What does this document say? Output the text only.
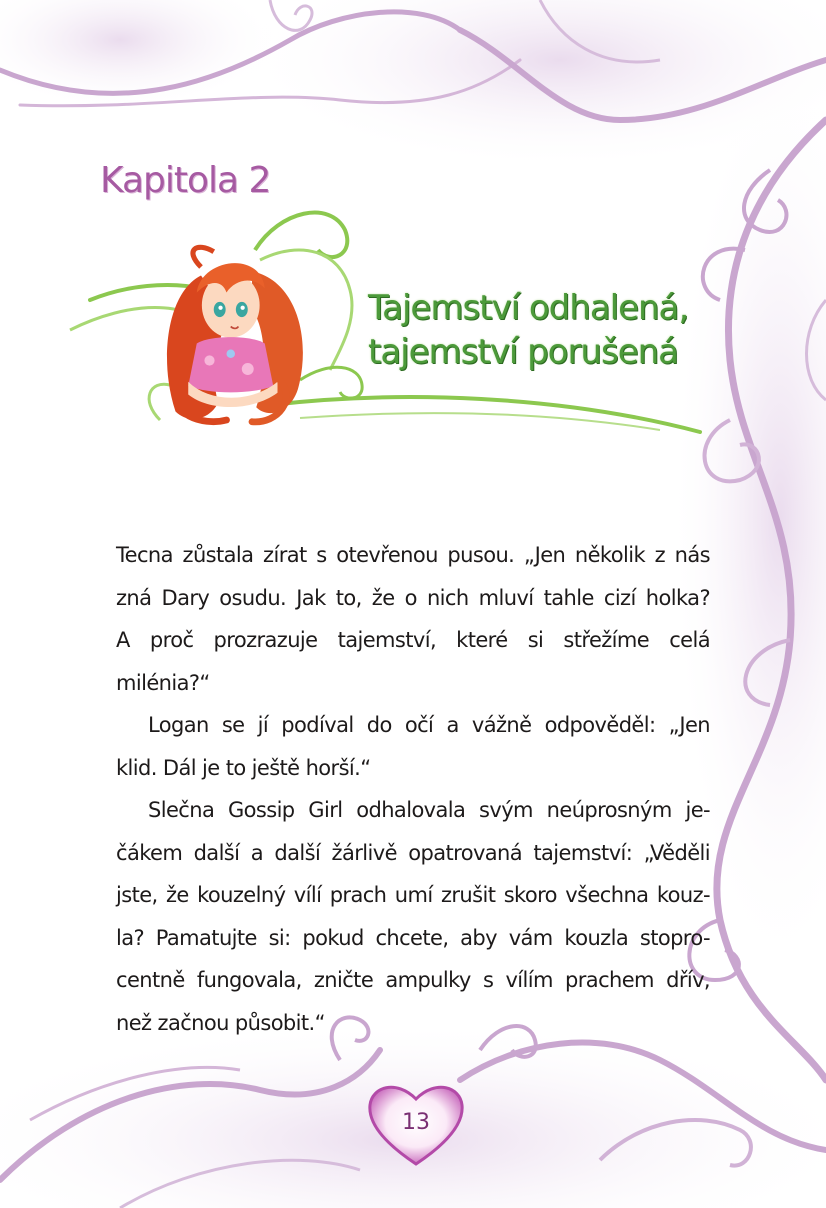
Kapitola 2
Tajemství odhalená,
tajemství porušená

Tecna zůstala zírat s otevřenou pusou. „Jen několik z nás

zná Dary osudu. Jak to, že o nich mluví tahle cizí holka?

A proč prozrazuje tajemství, které si střežíme celá milénia?“

Logan se jí podíval do očí a vážně odpověděl: „Jen

klid. Dál je to ještě horší.“

Slečna Gossip Girl odhalovala svým neúprosným je-

čákem další a další žárlivě opatrovaná tajemství: „Věděli

jste, že kouzelný vílí prach umí zrušit skoro všechna kouz-

la? Pamatujte si: pokud chcete, aby vám kouzla stopro-

centně fungovala, zničte ampulky s vílím prachem dřív,

než začnou působit.“

13
